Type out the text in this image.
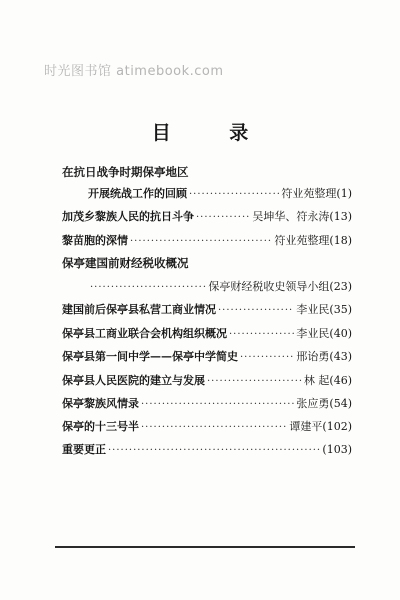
时光图书馆 atimebook.com
目 录
在抗日战争时期保亭地区
开展统战工作的回顾 ·····	符业苑整理 (1)
加茂乡黎族人民的抗日斗争 ·····	吴坤华、符永涛 (13)
黎苗胞的深情 ·····	符业苑整理 (18)
保亭建国前财经税收概况
·····
保亭财经税收史领导小组 (23)
建国前后保亭县私营工商业情况 ·····	李业民 (35)
保亭县工商业联合会机构组织概况 ·····	李业民 (40)
保亭县第一间中学——保亭中学简史 ·····	邢诒勇 (43)
保亭县人民医院的建立与发展 ·····	林 起 (46)
保亭黎族风情录 ·····	张应勇 (54)
保亭的十三号半 ·····	谭建平 (102)
重要更正 ·····	(103)
